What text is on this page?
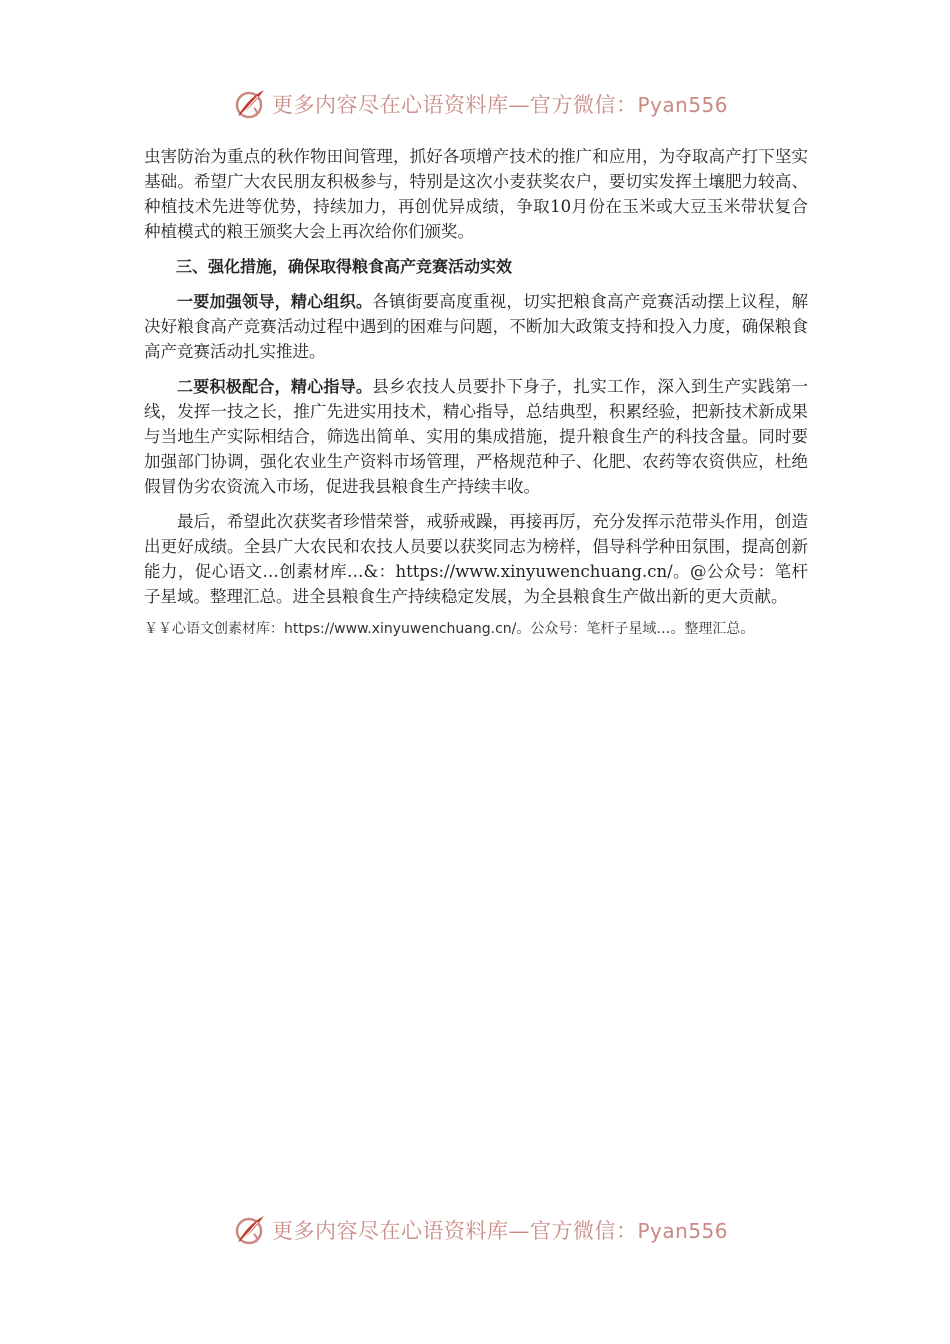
更多内容尽在心语资料库—官方微信：Pyan556

虫害防治为重点的秋作物田间管理，抓好各项增产技术的推广和应用，为夺取高产打下坚实基础。希望广大农民朋友积极参与，特别是这次小麦获奖农户，要切实发挥土壤肥力较高、种植技术先进等优势，持续加力，再创优异成绩，争取10月份在玉米或大豆玉米带状复合种植模式的粮王颁奖大会上再次给你们颁奖。

三、强化措施，确保取得粮食高产竞赛活动实效

一要加强领导，精心组织。各镇街要高度重视，切实把粮食高产竞赛活动摆上议程，解决好粮食高产竞赛活动过程中遇到的困难与问题，不断加大政策支持和投入力度，确保粮食高产竞赛活动扎实推进。

二要积极配合，精心指导。县乡农技人员要扑下身子，扎实工作，深入到生产实践第一线，发挥一技之长，推广先进实用技术，精心指导，总结典型，积累经验，把新技术新成果与当地生产实际相结合，筛选出简单、实用的集成措施，提升粮食生产的科技含量。同时要加强部门协调，强化农业生产资料市场管理，严格规范种子、化肥、农药等农资供应，杜绝假冒伪劣农资流入市场，促进我县粮食生产持续丰收。

最后，希望此次获奖者珍惜荣誉，戒骄戒躁，再接再厉，充分发挥示范带头作用，创造出更好成绩。全县广大农民和农技人员要以获奖同志为榜样，倡导科学种田氛围，提高创新能力，促心语文…创素材库…&：https://www.xinyuwenchuang.cn/。@公众号：笔杆子星域。整理汇总。进全县粮食生产持续稳定发展，为全县粮食生产做出新的更大贡献。

￥￥心语文创素材库：https://www.xinyuwenchuang.cn/。公众号：笔杆子星域…。整理汇总。

更多内容尽在心语资料库—官方微信：Pyan556
